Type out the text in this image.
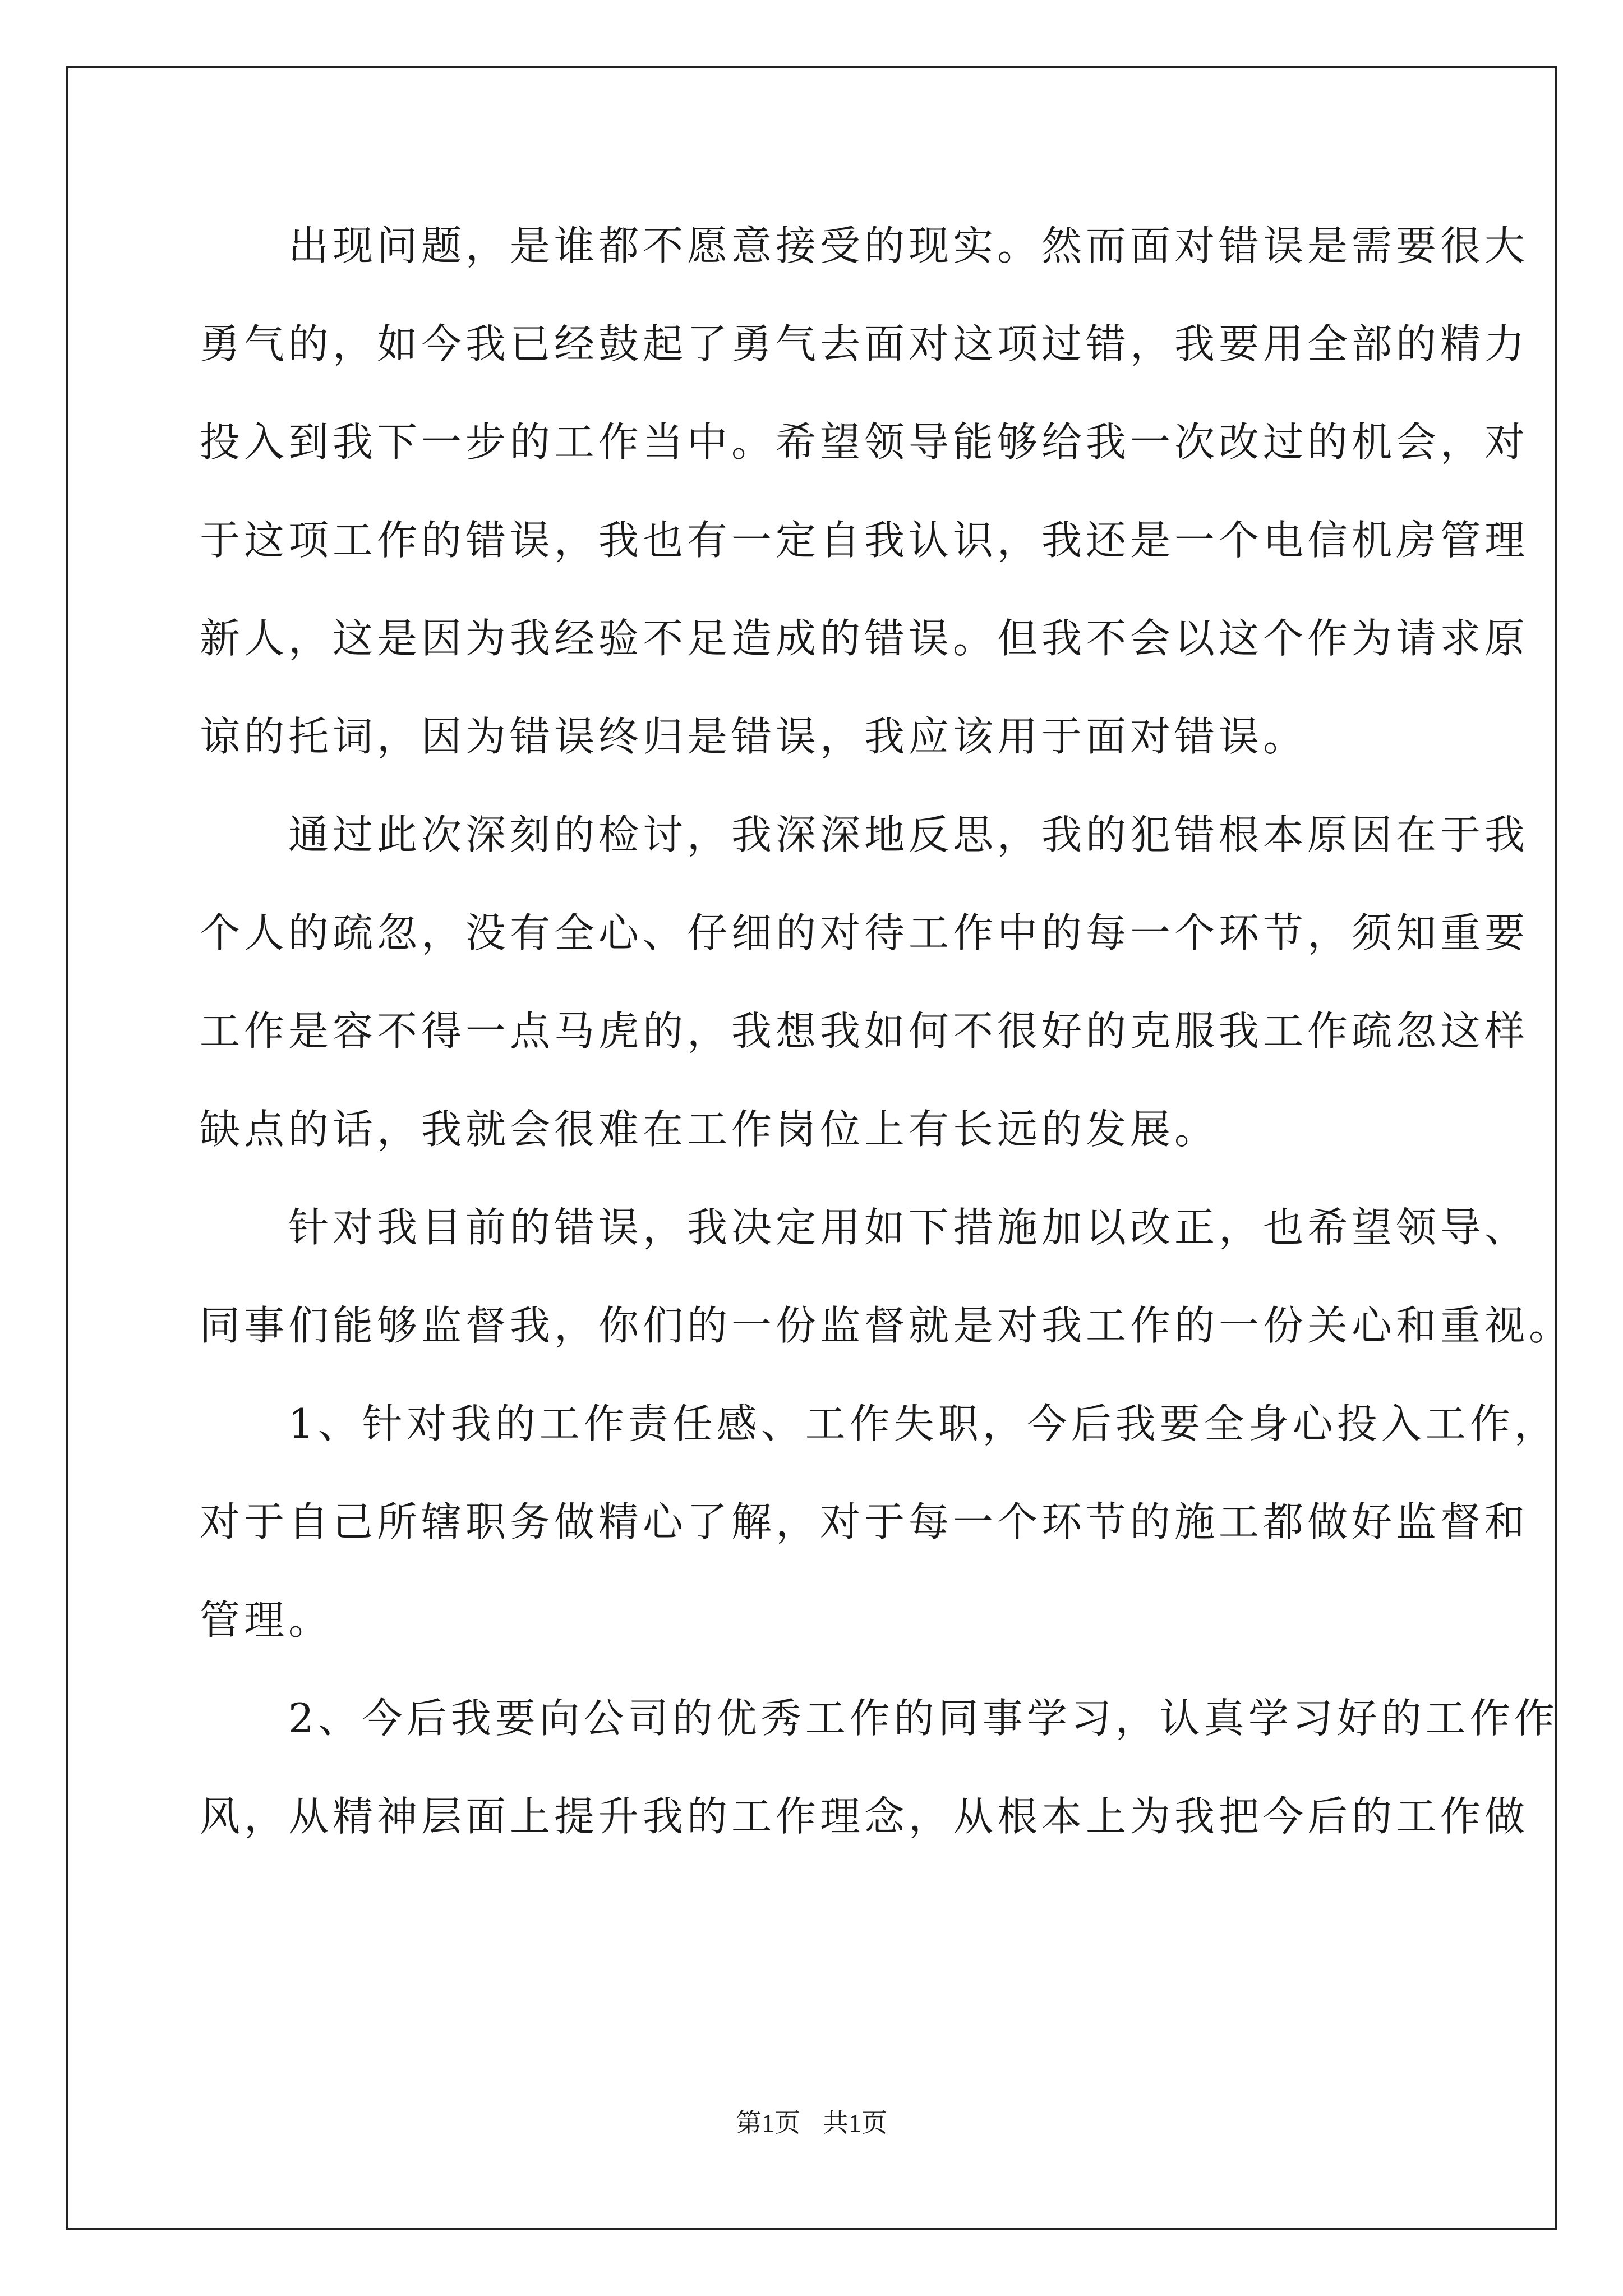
　　出现问题，是谁都不愿意接受的现实。然而面对错误是需要很大
勇气的，如今我已经鼓起了勇气去面对这项过错，我要用全部的精力
投入到我下一步的工作当中。希望领导能够给我一次改过的机会，对
于这项工作的错误，我也有一定自我认识，我还是一个电信机房管理
新人，这是因为我经验不足造成的错误。但我不会以这个作为请求原
谅的托词，因为错误终归是错误，我应该用于面对错误。
　　通过此次深刻的检讨，我深深地反思，我的犯错根本原因在于我
个人的疏忽，没有全心、仔细的对待工作中的每一个环节，须知重要
工作是容不得一点马虎的，我想我如何不很好的克服我工作疏忽这样
缺点的话，我就会很难在工作岗位上有长远的发展。
　　针对我目前的错误，我决定用如下措施加以改正，也希望领导、
同事们能够监督我，你们的一份监督就是对我工作的一份关心和重视。
　　1、针对我的工作责任感、工作失职，今后我要全身心投入工作，
对于自己所辖职务做精心了解，对于每一个环节的施工都做好监督和
管理。
　　2、今后我要向公司的优秀工作的同事学习，认真学习好的工作作
风，从精神层面上提升我的工作理念，从根本上为我把今后的工作做
第1页 共1页
